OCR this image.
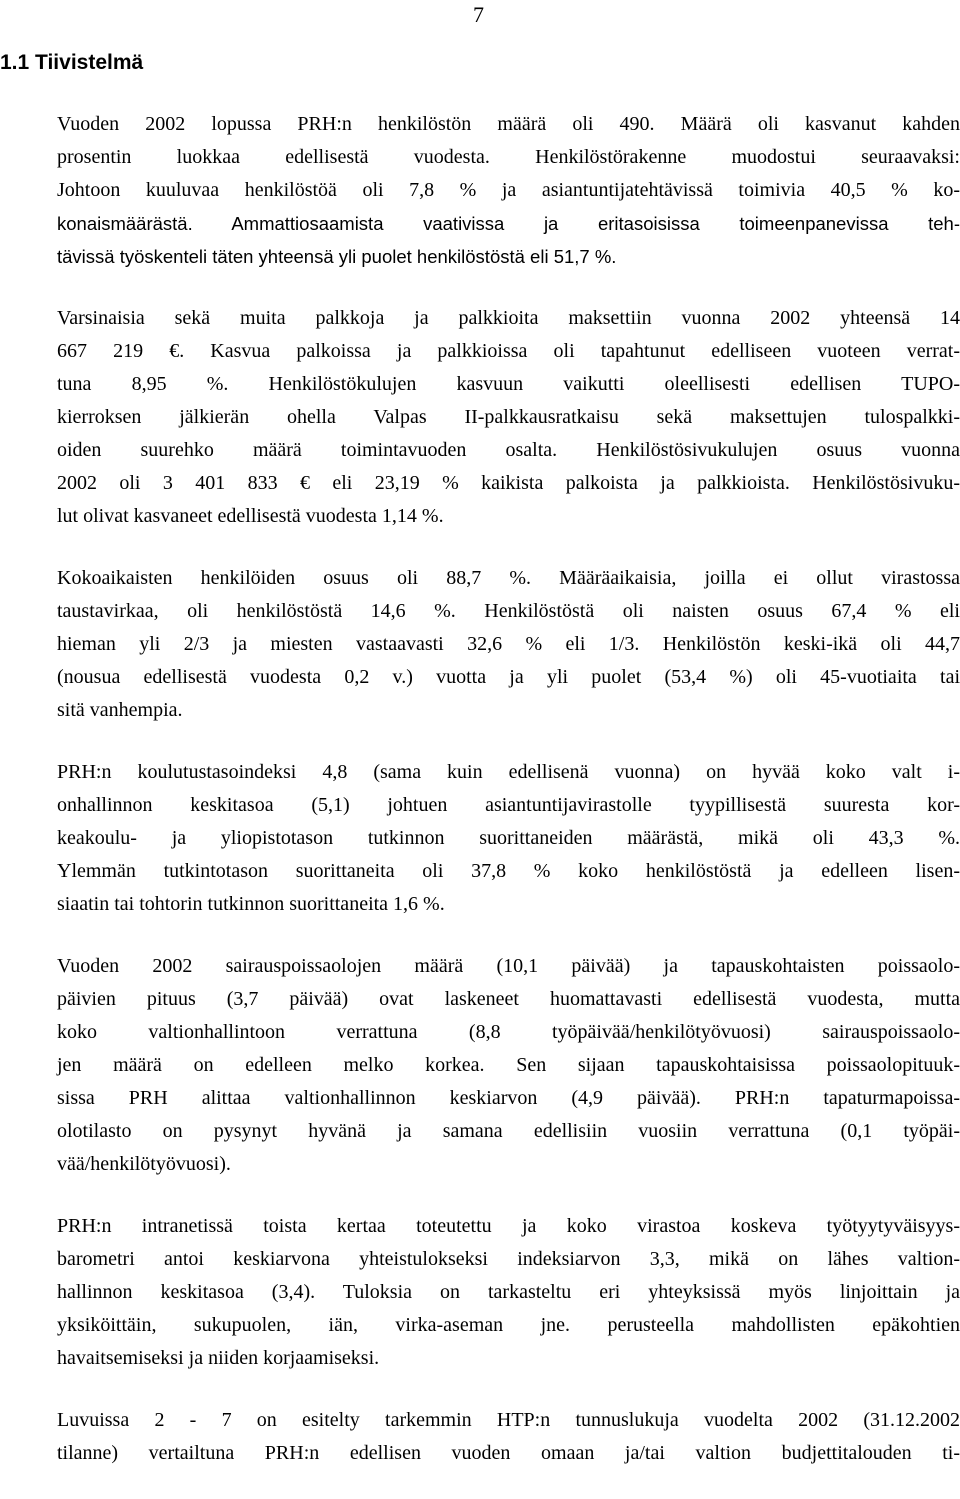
7
1.1 Tiivistelmä

Vuoden 2002 lopussa PRH:n henkilöstön määrä oli 490. Määrä oli kasvanut kahden
prosentin luokkaa edellisestä vuodesta. Henkilöstörakenne muodostui seuraavaksi:
Johtoon kuuluvaa henkilöstöä oli 7,8 % ja asiantuntijatehtävissä toimivia 40,5 % ko-
konaismäärästä. Ammattiosaamista vaativissa ja eritasoisissa toimeenpanevissa teh-
tävissä työskenteli täten yhteensä yli puolet henkilöstöstä eli 51,7 %.

Varsinaisia sekä muita palkkoja ja palkkioita maksettiin vuonna 2002 yhteensä 14
667 219 €. Kasvua palkoissa ja palkkioissa oli tapahtunut edelliseen vuoteen verrat-
tuna 8,95 %. Henkilöstökulujen kasvuun vaikutti oleellisesti edellisen TUPO-
kierroksen jälkierän ohella Valpas II-palkkausratkaisu sekä maksettujen tulospalkki-
oiden suurehko määrä toimintavuoden osalta. Henkilöstösivukulujen osuus vuonna
2002 oli 3 401 833 € eli 23,19 % kaikista palkoista ja palkkioista. Henkilöstösivuku-
lut olivat kasvaneet edellisestä vuodesta 1,14 %.

Kokoaikaisten henkilöiden osuus oli 88,7 %. Määräaikaisia, joilla ei ollut virastossa
taustavirkaa, oli henkilöstöstä 14,6 %. Henkilöstöstä oli naisten osuus 67,4 % eli
hieman yli 2/3 ja miesten vastaavasti 32,6 % eli 1/3. Henkilöstön keski-ikä oli 44,7
(nousua edellisestä vuodesta 0,2 v.) vuotta ja yli puolet (53,4 %) oli 45-vuotiaita tai
sitä vanhempia.

PRH:n koulutustasoindeksi 4,8 (sama kuin edellisenä vuonna) on hyvää koko valt i-
onhallinnon keskitasoa (5,1) johtuen asiantuntijavirastolle tyypillisestä suuresta kor-
keakoulu- ja yliopistotason tutkinnon suorittaneiden määrästä, mikä oli 43,3 %.
Ylemmän tutkintotason suorittaneita oli 37,8 % koko henkilöstöstä ja edelleen lisen-
siaatin tai tohtorin tutkinnon suorittaneita 1,6 %.

Vuoden 2002 sairauspoissaolojen määrä (10,1 päivää) ja tapauskohtaisten poissaolo-
päivien pituus (3,7 päivää) ovat laskeneet huomattavasti edellisestä vuodesta, mutta
koko valtionhallintoon verrattuna (8,8 työpäivää/henkilötyövuosi) sairauspoissaolo-
jen määrä on edelleen melko korkea. Sen sijaan tapauskohtaisissa poissaolopituuk-
sissa PRH alittaa valtionhallinnon keskiarvon (4,9 päivää). PRH:n tapaturmapoissa-
olotilasto on pysynyt hyvänä ja samana edellisiin vuosiin verrattuna (0,1 työpäi-
vää/henkilötyövuosi).

PRH:n intranetissä toista kertaa toteutettu ja koko virastoa koskeva työtyytyväisyys-
barometri antoi keskiarvona yhteistulokseksi indeksiarvon 3,3, mikä on lähes valtion-
hallinnon keskitasoa (3,4). Tuloksia on tarkasteltu eri yhteyksissä myös linjoittain ja
yksiköittäin, sukupuolen, iän, virka-aseman jne. perusteella mahdollisten epäkohtien
havaitsemiseksi ja niiden korjaamiseksi.

Luvuissa 2 - 7 on esitelty tarkemmin HTP:n tunnuslukuja vuodelta 2002 (31.12.2002
tilanne) vertailtuna PRH:n edellisen vuoden omaan ja/tai valtion budjettitalouden ti-
